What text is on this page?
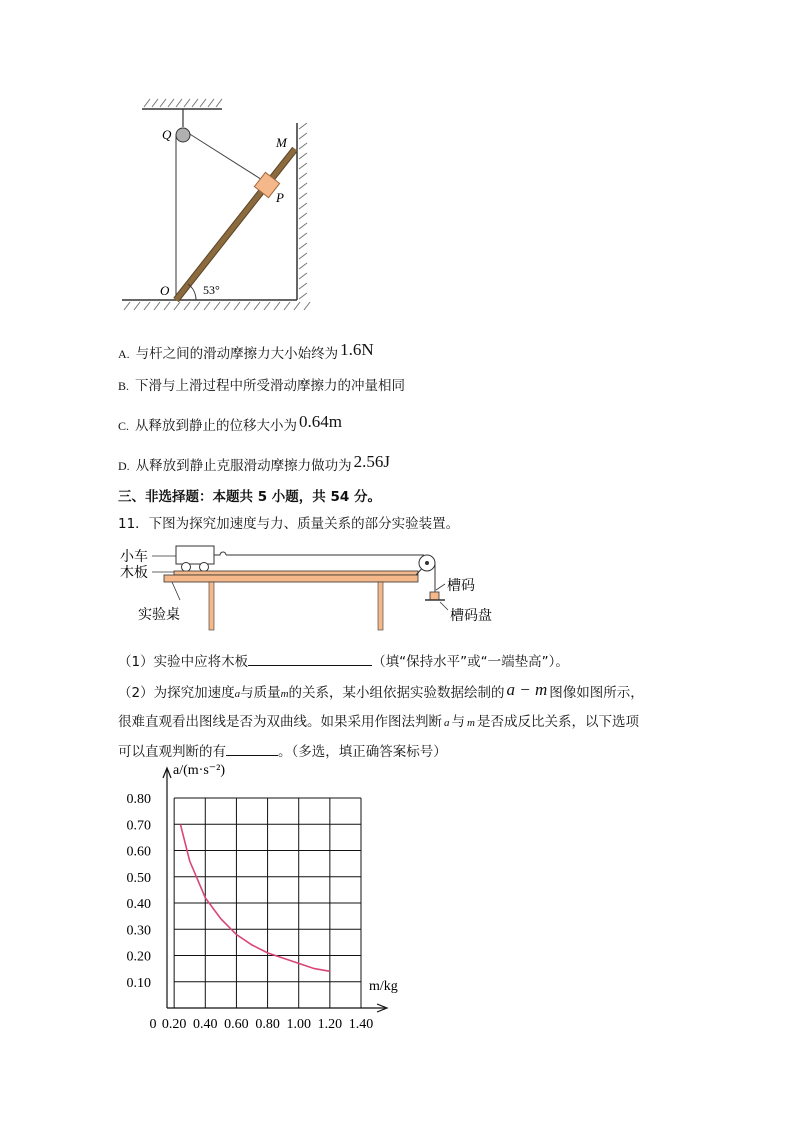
Q
M
P
O	53°
A. 与杆之间的滑动摩擦力大小始终为 1.6N
B. 下滑与上滑过程中所受滑动摩擦力的冲量相同
C. 从释放到静止的位移大小为 0.64m
D. 从释放到静止克服滑动摩擦力做功为 2.56J
三、非选择题：本题共 5 小题，共 54 分。
11．下图为探究加速度与力、质量关系的部分实验装置。
小车
木板
实验桌
槽码
槽码盘
（1）实验中应将木板	（填“保持水平”或“一端垫高”）。
（2）为探究加速度a与质量m的关系，某小组依据实验数据绘制的 a − m 图像如图所示，
很难直观看出图线是否为双曲线。如果采用作图法判断 a 与 m 是否成反比关系，以下选项
可以直观判断的有	。（多选，填正确答案标号）
0.10
0.20
0.30
0.40
0.50
0.60
0.70
0.80
0 0.20 0.40 0.60 0.80 1.00 1.20 1.40
a/(m·s⁻²)
m/kg
